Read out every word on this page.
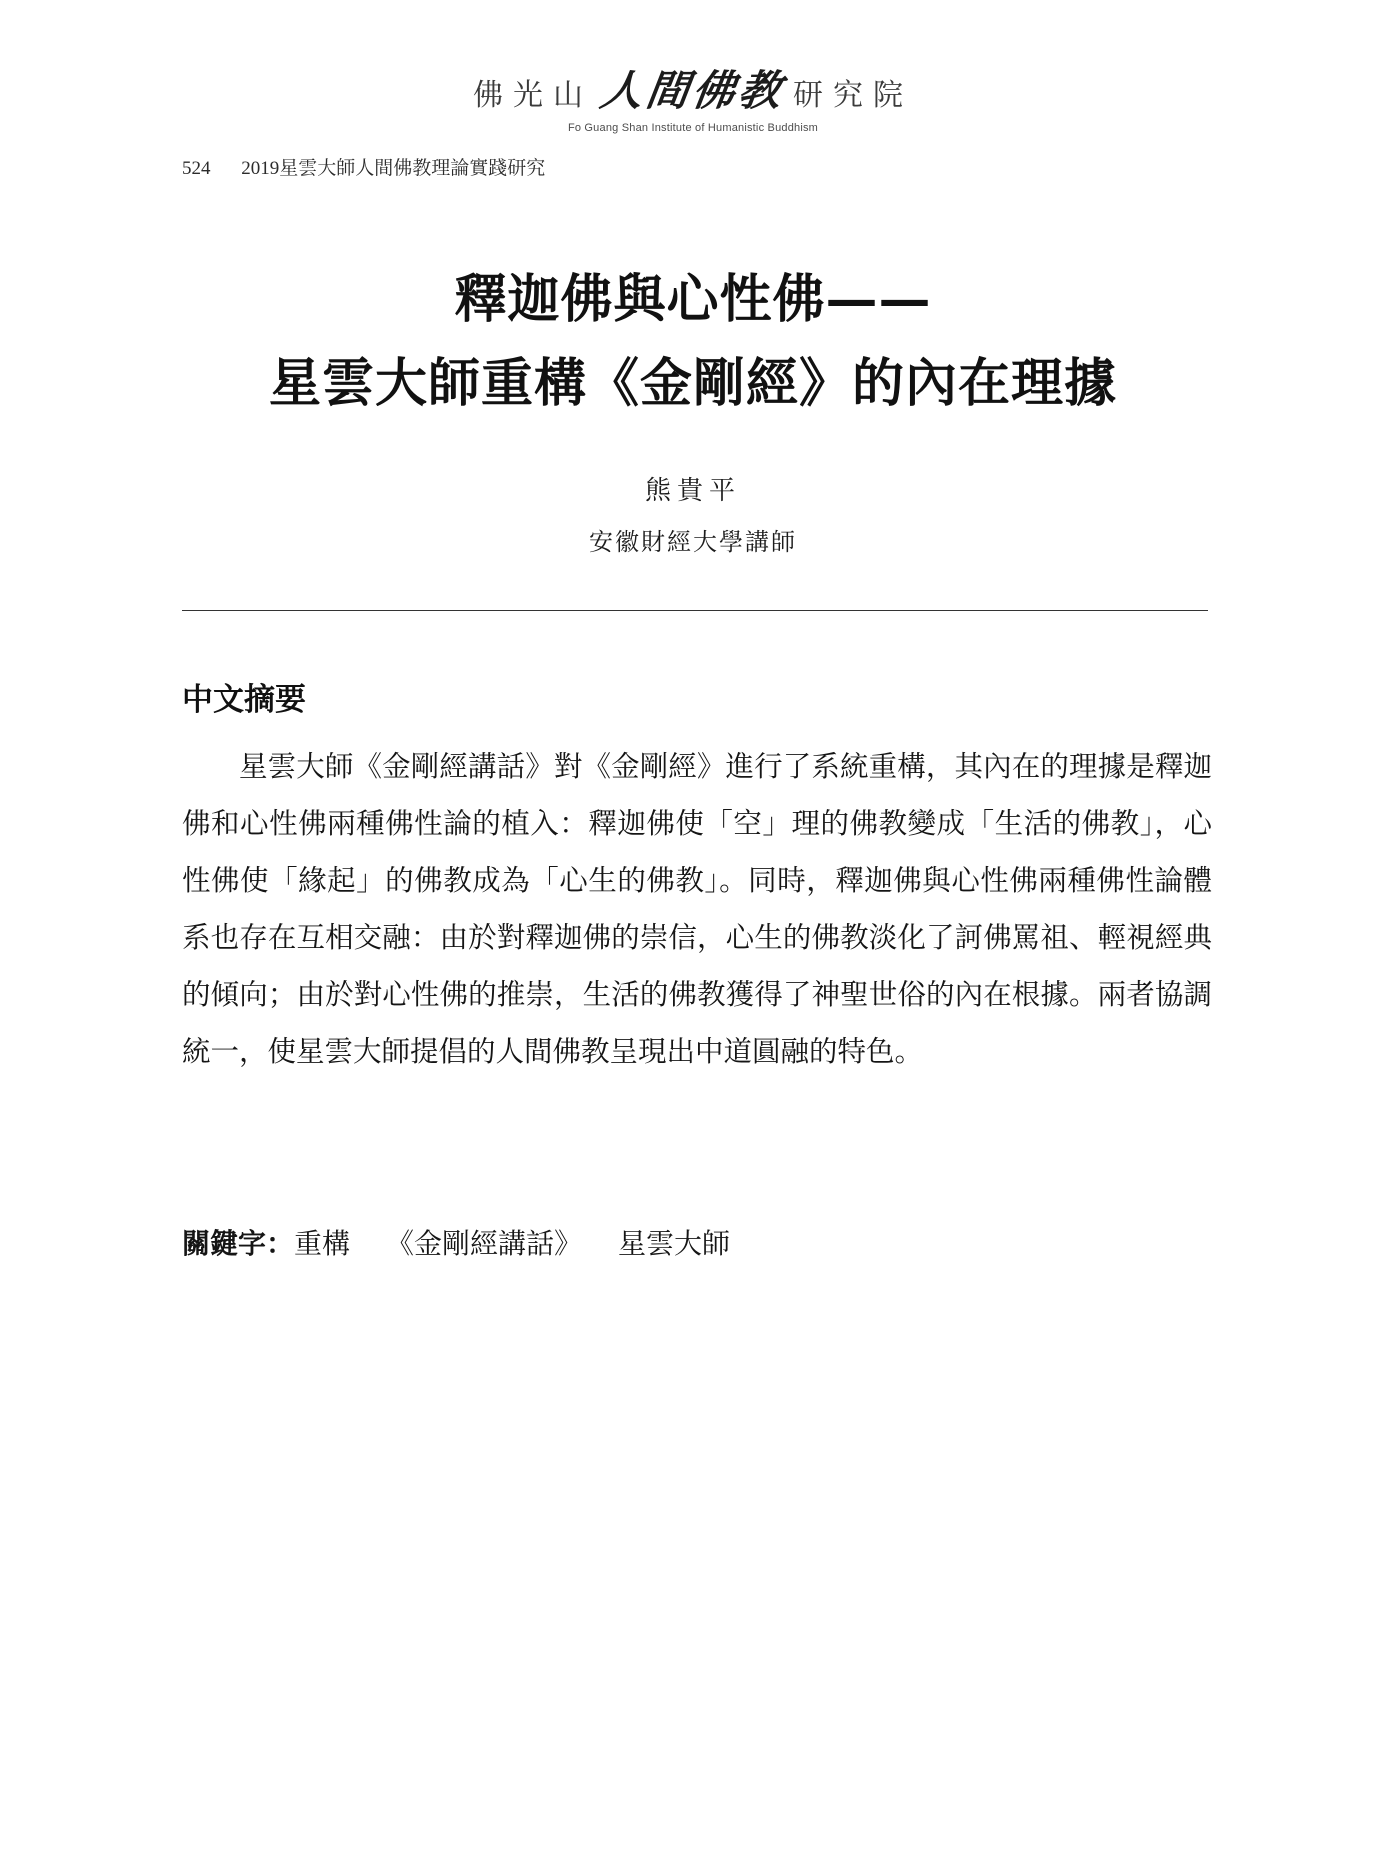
佛光山 人間佛教 研究院
Fo Guang Shan Institute of Humanistic Buddhism
524 2019星雲大師人間佛教理論實踐研究
釋迦佛與心性佛——
星雲大師重構《金剛經》的內在理據
熊貴平
安徽財經大學講師
中文摘要

星雲大師《金剛經講話》對《金剛經》進行了系統重構，其內在的理據是釋迦佛和心性佛兩種佛性論的植入：釋迦佛使「空」理的佛教變成「生活的佛教」，心性佛使「緣起」的佛教成為「心生的佛教」。同時，釋迦佛與心性佛兩種佛性論體系也存在互相交融：由於對釋迦佛的崇信，心生的佛教淡化了訶佛罵祖、輕視經典的傾向；由於對心性佛的推崇，生活的佛教獲得了神聖世俗的內在根據。兩者協調統一，使星雲大師提倡的人間佛教呈現出中道圓融的特色。

關鍵字：重構 《金剛經講話》 星雲大師
